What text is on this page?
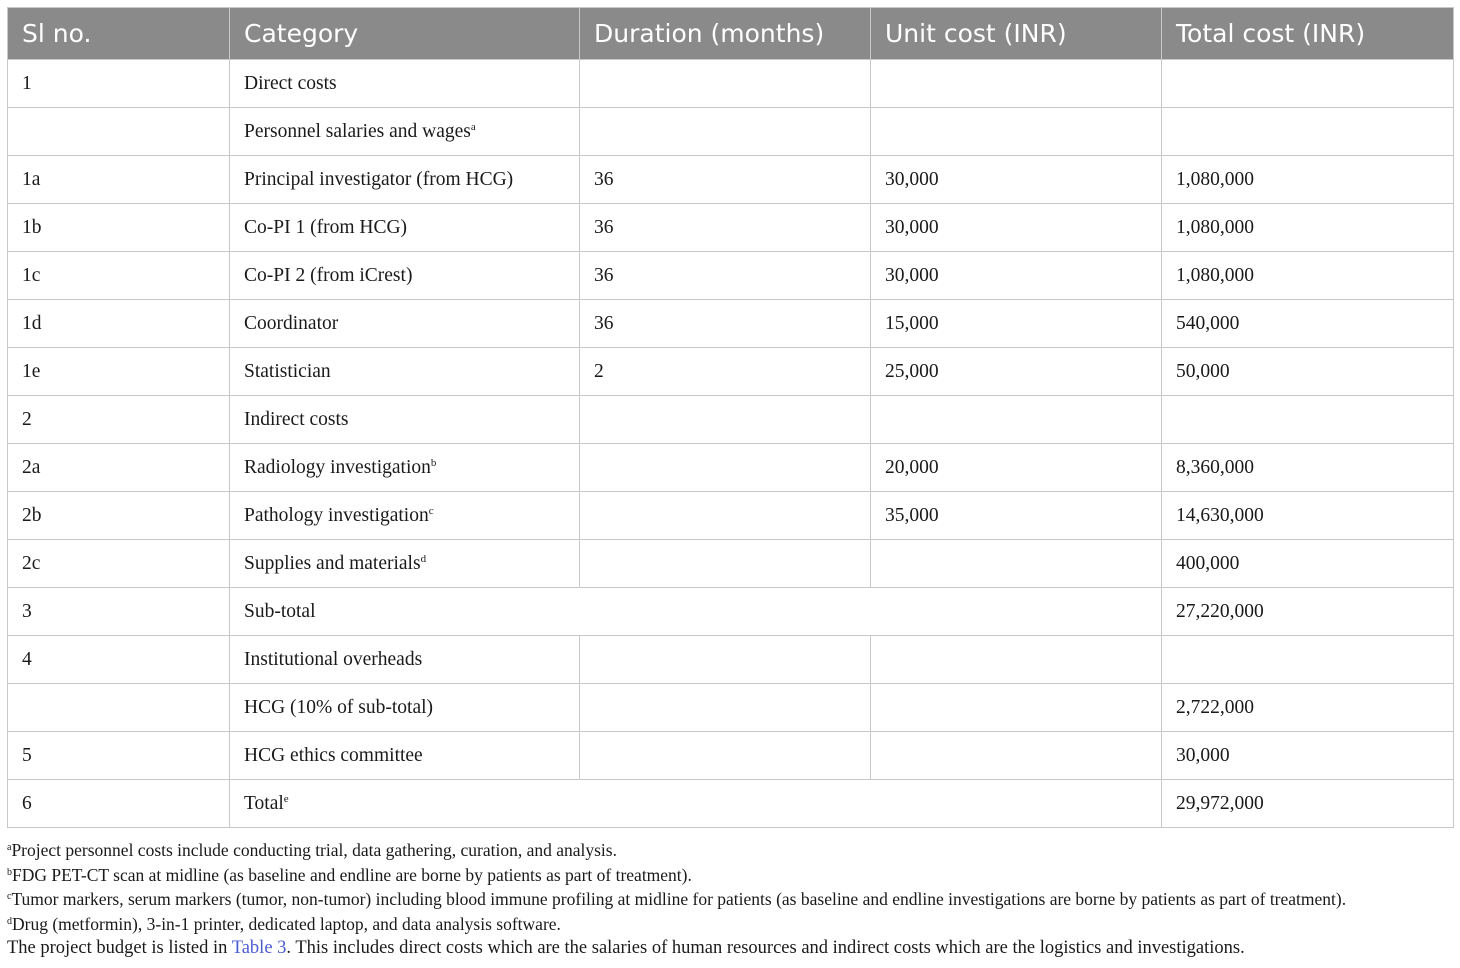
Sl no.	Category	Duration (months)	Unit cost (INR)	Total cost (INR)
1	Direct costs			
	Personnel salaries and wages$^a$			
1a	Principal investigator (from HCG)	36	30,000	1,080,000
1b	Co-PI 1 (from HCG)	36	30,000	1,080,000
1c	Co-PI 2 (from iCrest)	36	30,000	1,080,000
1d	Coordinator	36	15,000	540,000
1e	Statistician	2	25,000	50,000
2	Indirect costs			
2a	Radiology investigation$^b$		20,000	8,360,000
2b	Pathology investigation$^c$		35,000	14,630,000
2c	Supplies and materials$^d$			400,000
3	Sub-total			27,220,000
4	Institutional overheads			
	HCG (10% of sub-total)			2,722,000
5	HCG ethics committee			30,000
6	Total$^e$			29,972,000
$^a$Project personnel costs include conducting trial, data gathering, curation, and analysis.
$^b$FDG PET-CT scan at midline (as baseline and endline are borne by patients as part of treatment).
$^c$Tumor markers, serum markers (tumor, non-tumor) including blood immune profiling at midline for patients (as baseline and endline investigations are borne by patients as part of treatment).
$^d$Drug (metformin), 3-in-1 printer, dedicated laptop, and data analysis software.
The project budget is listed in Table 3. This includes direct costs which are the salaries of human resources and indirect costs which are the logistics and investigations.
